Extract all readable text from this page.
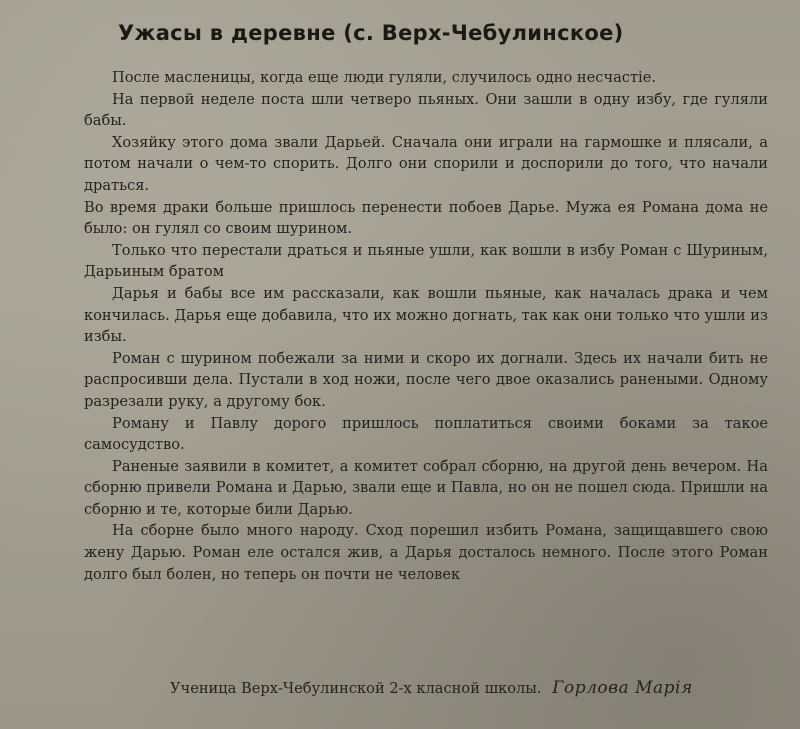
Ужасы в деревне (с. Верх-Чебулинское)

После масленицы, когда еще люди гуляли, случилось одно несчастіе.

На первой неделе поста шли четверо пьяных. Они зашли в одну избу, где гуляли бабы.

Хозяйку этого дома звали Дарьей. Сначала они играли на гармошке и плясали, а потом начали о чем-то спорить. Долго они спорили и доспорили до того, что начали драться.

Во время драки больше пришлось перенести побоев Дарье. Мужа ея Романа дома не было: он гулял со своим шурином.

Только что перестали драться и пьяные ушли, как вошли в избу Роман с Шуриным, Дарьиным братом

Дарья и бабы все им рассказали, как вошли пьяные, как началась драка и чем кончилась. Дарья еще добавила, что их можно догнать, так как они только что ушли из избы.

Роман с шурином побежали за ними и скоро их догнали. Здесь их начали бить не распросивши дела. Пустали в ход ножи, после чего двое оказались ранеными. Одному разрезали руку, а другому бок.

Роману и Павлу дорого пришлось поплатиться своими боками за такое самосудство.

Раненые заявили в комитет, а комитет собрал сборню, на другой день вечером. На сборню привели Романа и Дарью, звали еще и Павла, но он не пошел сюда. Пришли на сборню и те, которые били Дарью.

На сборне было много народу. Сход порешил избить Романа, защищавшего свою жену Дарью. Роман еле остался жив, а Дарья досталось немного. После этого Роман долго был болен, но теперь он почти не человек

Ученица Верх-Чебулинской 2-х класной школы. Горлова Марія
